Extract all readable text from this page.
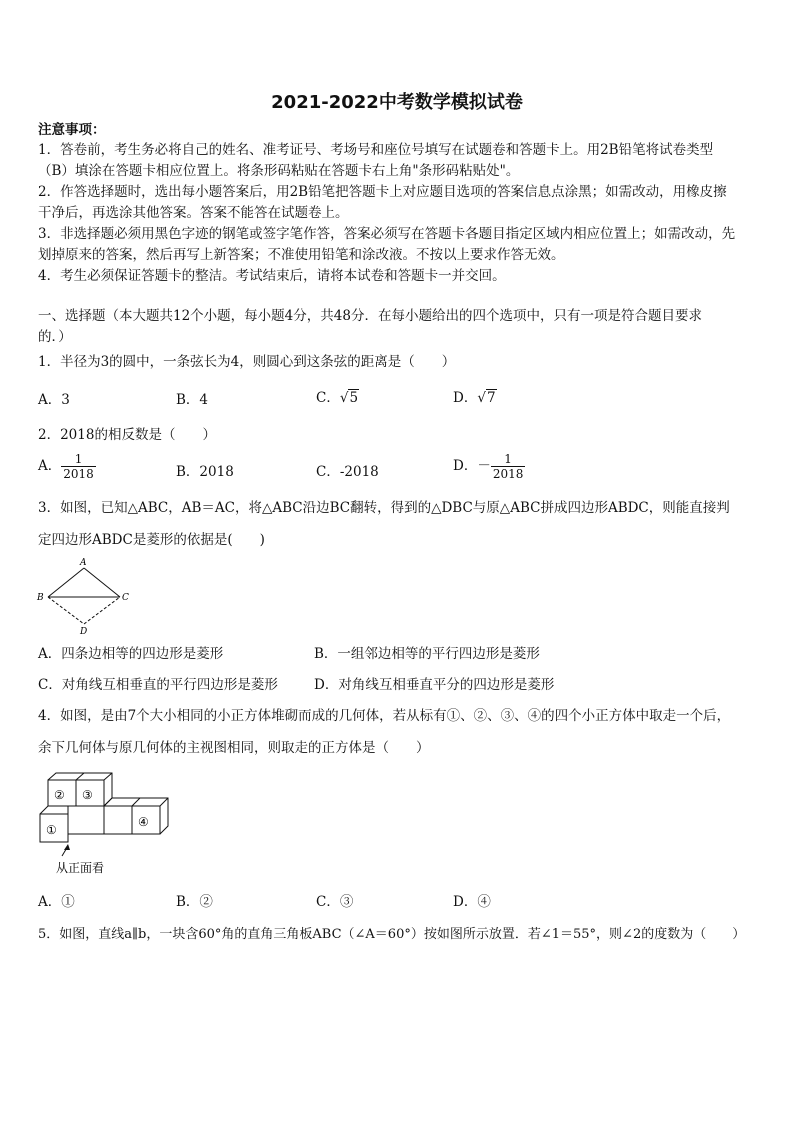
2021-2022中考数学模拟试卷
注意事项：
1．答卷前，考生务必将自己的姓名、准考证号、考场号和座位号填写在试题卷和答题卡上。用2B铅笔将试卷类型
（B）填涂在答题卡相应位置上。将条形码粘贴在答题卡右上角"条形码粘贴处"。
2．作答选择题时，选出每小题答案后，用2B铅笔把答题卡上对应题目选项的答案信息点涂黑；如需改动，用橡皮擦
干净后，再选涂其他答案。答案不能答在试题卷上。
3．非选择题必须用黑色字迹的钢笔或签字笔作答，答案必须写在答题卡各题目指定区域内相应位置上；如需改动，先
划掉原来的答案，然后再写上新答案；不准使用铅笔和涂改液。不按以上要求作答无效。
4．考生必须保证答题卡的整洁。考试结束后，请将本试卷和答题卡一并交回。
一、选择题（本大题共12个小题，每小题4分，共48分．在每小题给出的四个选项中，只有一项是符合题目要求
的．）
1．半径为3的圆中，一条弦长为4，则圆心到这条弦的距离是（　　）
A．3	B．4	C．√5	D．√7
2．2018的相反数是（　　）
A． $\frac{1}{2018}$	B．2018	C．-2018	D．－ $\frac{1}{2018}$
3．如图，已知△ABC，AB＝AC，将△ABC沿边BC翻转，得到的△DBC与原△ABC拼成四边形ABDC，则能直接判
定四边形ABDC是菱形的依据是(　　)
A
B	C
D
A．四条边相等的四边形是菱形	B．一组邻边相等的平行四边形是菱形
C．对角线互相垂直的平行四边形是菱形	D．对角线互相垂直平分的四边形是菱形
4．如图，是由7个大小相同的小正方体堆砌而成的几何体，若从标有①、②、③、④的四个小正方体中取走一个后，
余下几何体与原几何体的主视图相同，则取走的正方体是（　　）
② ③
①
④
从正面看
A．①	B．②	C．③	D．④
5．如图，直线a∥b，一块含60°角的直角三角板ABC（∠A＝60°）按如图所示放置．若∠1＝55°，则∠2的度数为（　　）
